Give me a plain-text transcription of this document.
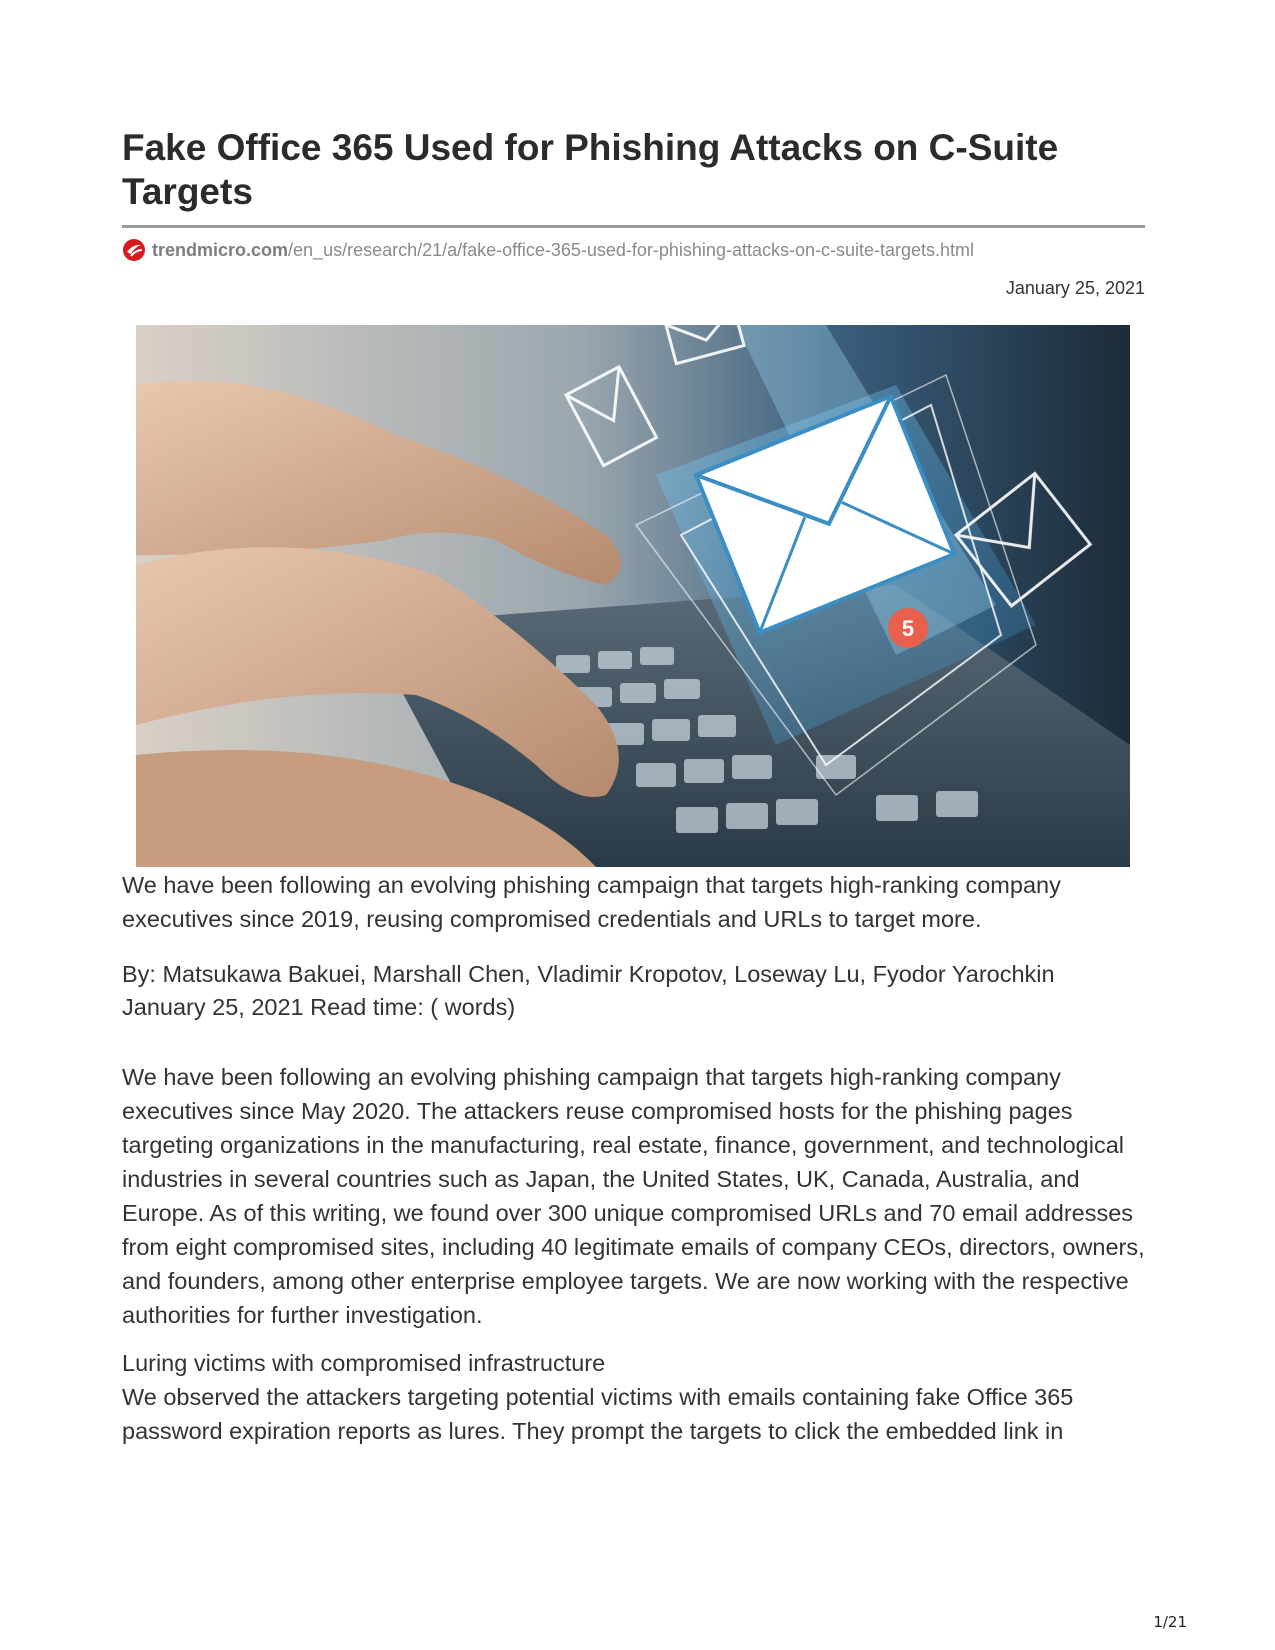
Fake Office 365 Used for Phishing Attacks on C-Suite Targets
trendmicro.com /en_us/research/21/a/fake-office-365-used-for-phishing-attacks-on-c-suite-targets.html
January 25, 2021
5

We have been following an evolving phishing campaign that targets high-ranking company executives since 2019, reusing compromised credentials and URLs to target more.

By: Matsukawa Bakuei, Marshall Chen, Vladimir Kropotov, Loseway Lu, Fyodor Yarochkin

January 25, 2021 Read time: ( words)

We have been following an evolving phishing campaign that targets high-ranking company executives since May 2020. The attackers reuse compromised hosts for the phishing pages targeting organizations in the manufacturing, real estate, finance, government, and technological industries in several countries such as Japan, the United States, UK, Canada, Australia, and Europe. As of this writing, we found over 300 unique compromised URLs and 70 email addresses from eight compromised sites, including 40 legitimate emails of company CEOs, directors, owners, and founders, among other enterprise employee targets. We are now working with the respective authorities for further investigation.

Luring victims with compromised infrastructure

We observed the attackers targeting potential victims with emails containing fake Office 365 password expiration reports as lures. They prompt the targets to click the embedded link in

1/21
